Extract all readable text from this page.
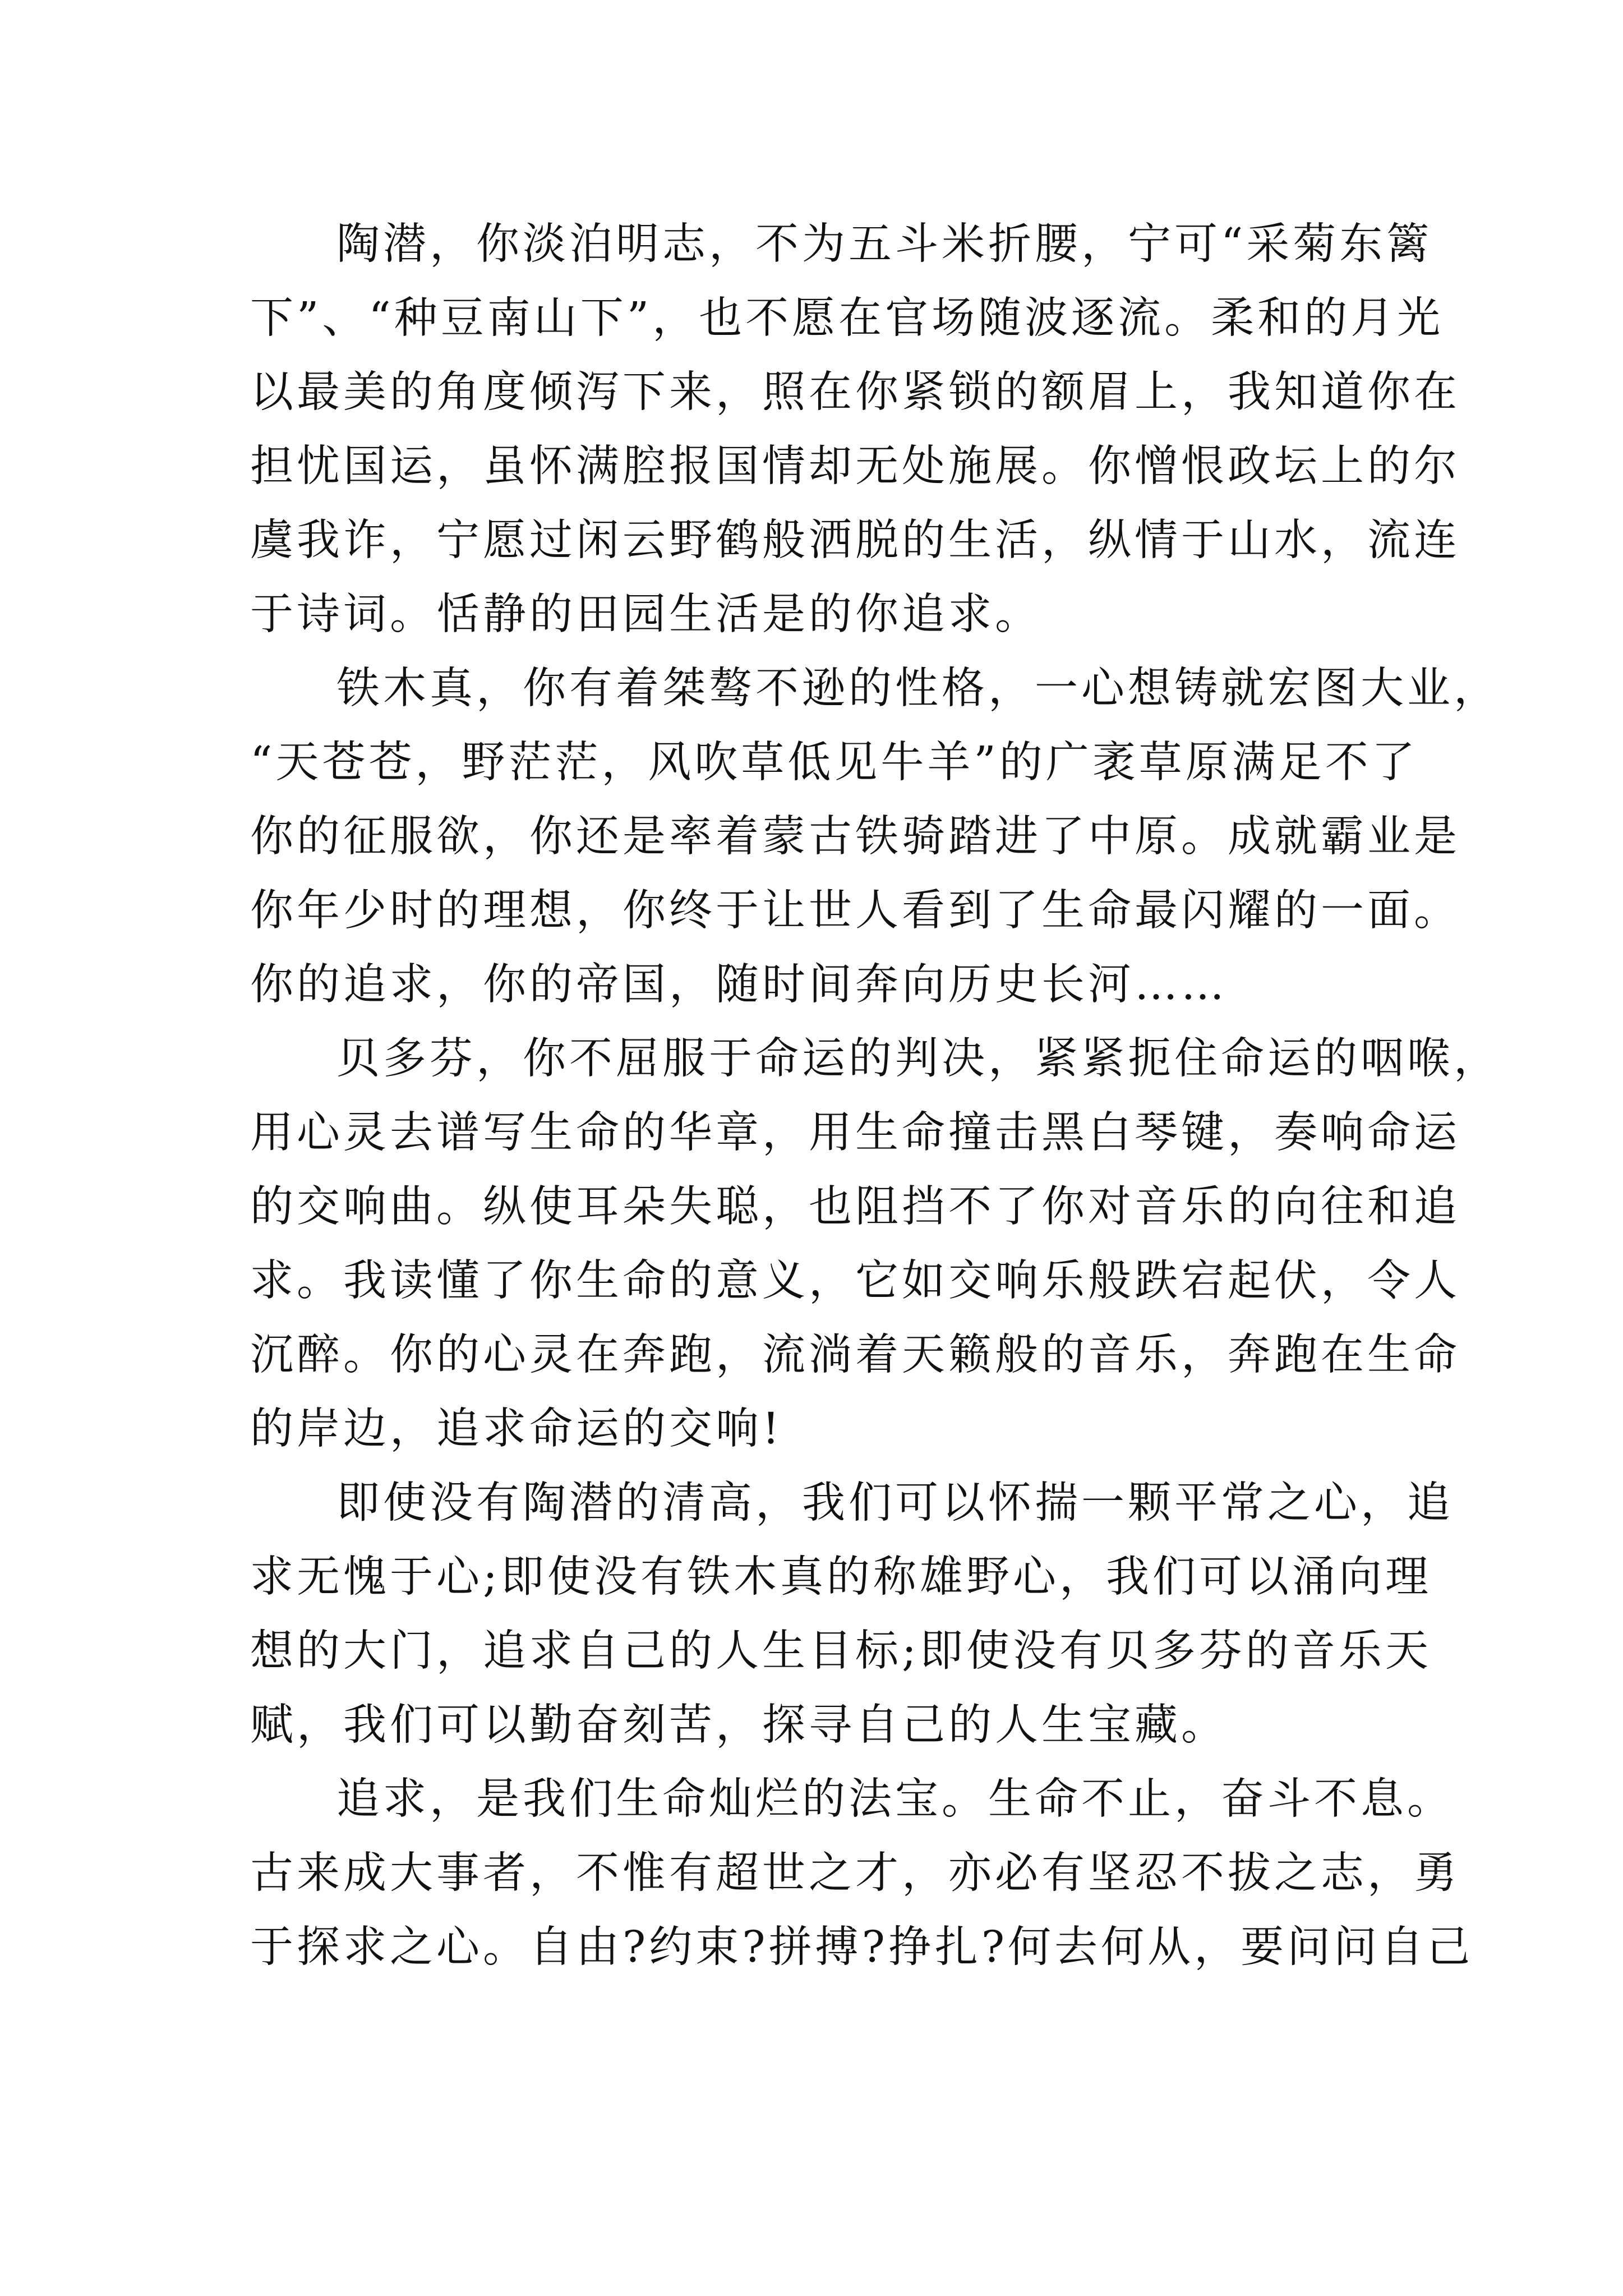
陶潜，你淡泊明志，不为五斗米折腰，宁可“采菊东篱
下”、“种豆南山下”，也不愿在官场随波逐流。柔和的月光
以最美的角度倾泻下来，照在你紧锁的额眉上，我知道你在
担忧国运，虽怀满腔报国情却无处施展。你憎恨政坛上的尔
虞我诈，宁愿过闲云野鹤般洒脱的生活，纵情于山水，流连
于诗词。恬静的田园生活是的你追求。
铁木真，你有着桀骜不逊的性格，一心想铸就宏图大业，
“天苍苍，野茫茫，风吹草低见牛羊”的广袤草原满足不了
你的征服欲，你还是率着蒙古铁骑踏进了中原。成就霸业是
你年少时的理想，你终于让世人看到了生命最闪耀的一面。
你的追求，你的帝国，随时间奔向历史长河……
贝多芬，你不屈服于命运的判决，紧紧扼住命运的咽喉，
用心灵去谱写生命的华章，用生命撞击黑白琴键，奏响命运
的交响曲。纵使耳朵失聪，也阻挡不了你对音乐的向往和追
求。我读懂了你生命的意义，它如交响乐般跌宕起伏，令人
沉醉。你的心灵在奔跑，流淌着天籁般的音乐，奔跑在生命
的岸边，追求命运的交响!
即使没有陶潜的清高，我们可以怀揣一颗平常之心，追
求无愧于心;即使没有铁木真的称雄野心，我们可以涌向理
想的大门，追求自己的人生目标;即使没有贝多芬的音乐天
赋，我们可以勤奋刻苦，探寻自己的人生宝藏。
追求，是我们生命灿烂的法宝。生命不止，奋斗不息。
古来成大事者，不惟有超世之才，亦必有坚忍不拔之志，勇
于探求之心。自由?约束?拼搏?挣扎?何去何从，要问问自己
